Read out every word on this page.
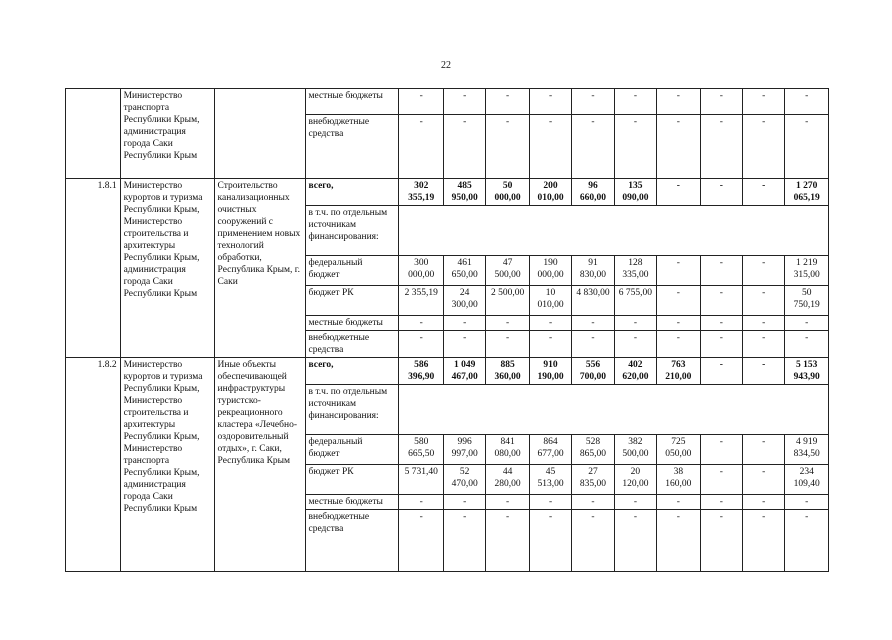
22
	Министерство транспорта Республики Крым, администрация города Саки Республики Крым		местные бюджеты	-	-	-	-	-	-	-	-	-	-
			внебюджетные средства	-	-	-	-	-	-	-	-	-	-
1.8.1	Министерство курортов и туризма Республики Крым, Министерство строительства и архитектуры Республики Крым, администрация города Саки Республики Крым	Строительство канализационных очистных сооружений с применением новых технологий обработки, Республика Крым, г. Саки	всего,	302 355,19	485 950,00	50 000,00	200 010,00	96 660,00	135 090,00	-	-	-	1 270 065,19
			в т.ч. по отдельным источникам финансирования:										
			федеральный бюджет	300 000,00	461 650,00	47 500,00	190 000,00	91 830,00	128 335,00	-	-	-	1 219 315,00
			бюджет РК	2 355,19	24 300,00	2 500,00	10 010,00	4 830,00	6 755,00	-	-	-	50 750,19
			местные бюджеты	-	-	-	-	-	-	-	-	-	-
			внебюджетные средства	-	-	-	-	-	-	-	-	-	-
1.8.2	Министерство курортов и туризма Республики Крым, Министерство строительства и архитектуры Республики Крым, Министерство транспорта Республики Крым, администрация города Саки Республики Крым	Иные объекты обеспечивающей инфраструктуры туристско-рекреационного кластера «Лечебно-оздоровительный отдых», г. Саки, Республика Крым	всего,	586 396,90	1 049 467,00	885 360,00	910 190,00	556 700,00	402 620,00	763 210,00	-	-	5 153 943,90
			в т.ч. по отдельным источникам финансирования:										
			федеральный бюджет	580 665,50	996 997,00	841 080,00	864 677,00	528 865,00	382 500,00	725 050,00	-	-	4 919 834,50
			бюджет РК	5 731,40	52 470,00	44 280,00	45 513,00	27 835,00	20 120,00	38 160,00	-	-	234 109,40
			местные бюджеты	-	-	-	-	-	-	-	-	-	-
			внебюджетные средства	-	-	-	-	-	-	-	-	-	-
